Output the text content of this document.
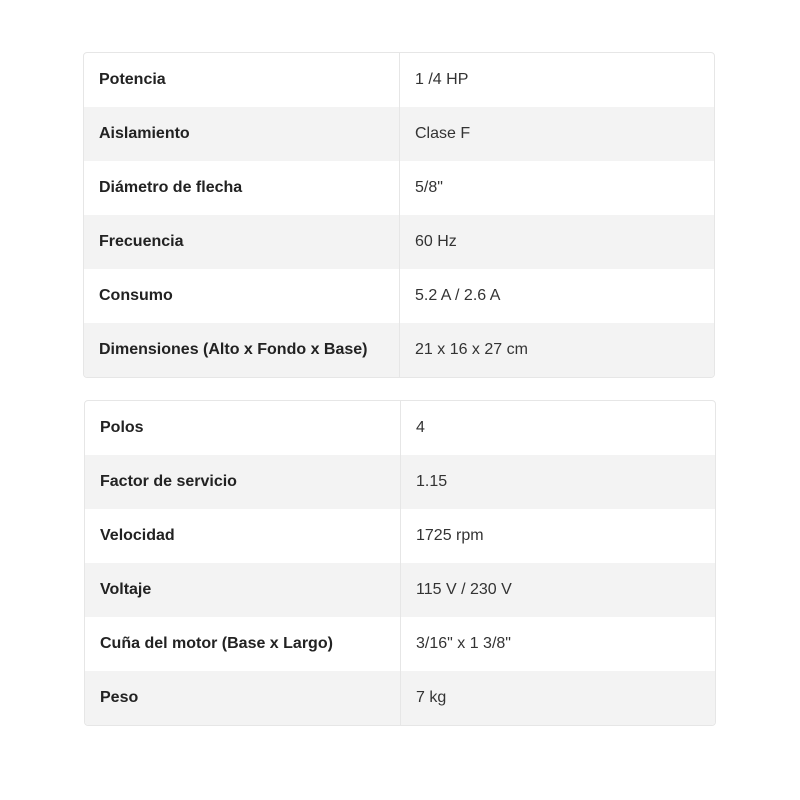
Potencia	1 /4 HP
Aislamiento	Clase F
Diámetro de flecha	5/8"
Frecuencia	60 Hz
Consumo	5.2 A / 2.6 A
Dimensiones (Alto x Fondo x Base)	21 x 16 x 27 cm
Polos	4
Factor de servicio	1.15
Velocidad	1725 rpm
Voltaje	115 V / 230 V
Cuña del motor (Base x Largo)	3/16" x 1 3/8"
Peso	7 kg
